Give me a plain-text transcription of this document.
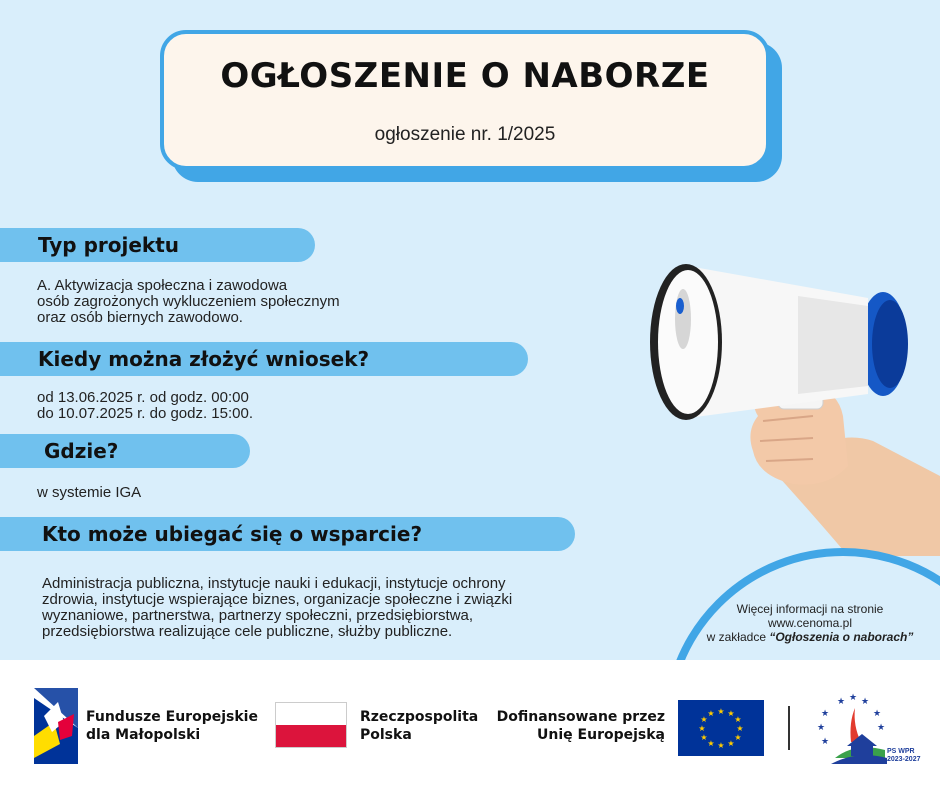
OGŁOSZENIE O NABORZE
ogłoszenie nr. 1/2025
Typ projektu
A. Aktywizacja społeczna i zawodowa
osób zagrożonych wykluczeniem społecznym
oraz osób biernych zawodowo.
Kiedy można złożyć wniosek?
od 13.06.2025 r. od godz. 00:00
do 10.07.2025 r. do godz. 15:00.
Gdzie?
w systemie IGA
Kto może ubiegać się o wsparcie?
Administracja publiczna, instytucje nauki i edukacji, instytucje ochrony
zdrowia, instytucje wspierające biznes, organizacje społeczne i związki
wyznaniowe, partnerstwa, partnerzy społeczni, przedsiębiorstwa,
przedsiębiorstwa realizujące cele publiczne, służby publiczne.
Więcej informacji na stronie
www.cenoma.pl
w zakładce “Ogłoszenia o naborach”
Fundusze Europejskie
dla Małopolski
Rzeczpospolita
Polska
Dofinansowane przez
Unię Europejską
★ ★
★
★
★
★
★
★
★
★
★
★
★ ★ ★
★	★
★	★
★
PS WPR
2023-2027
